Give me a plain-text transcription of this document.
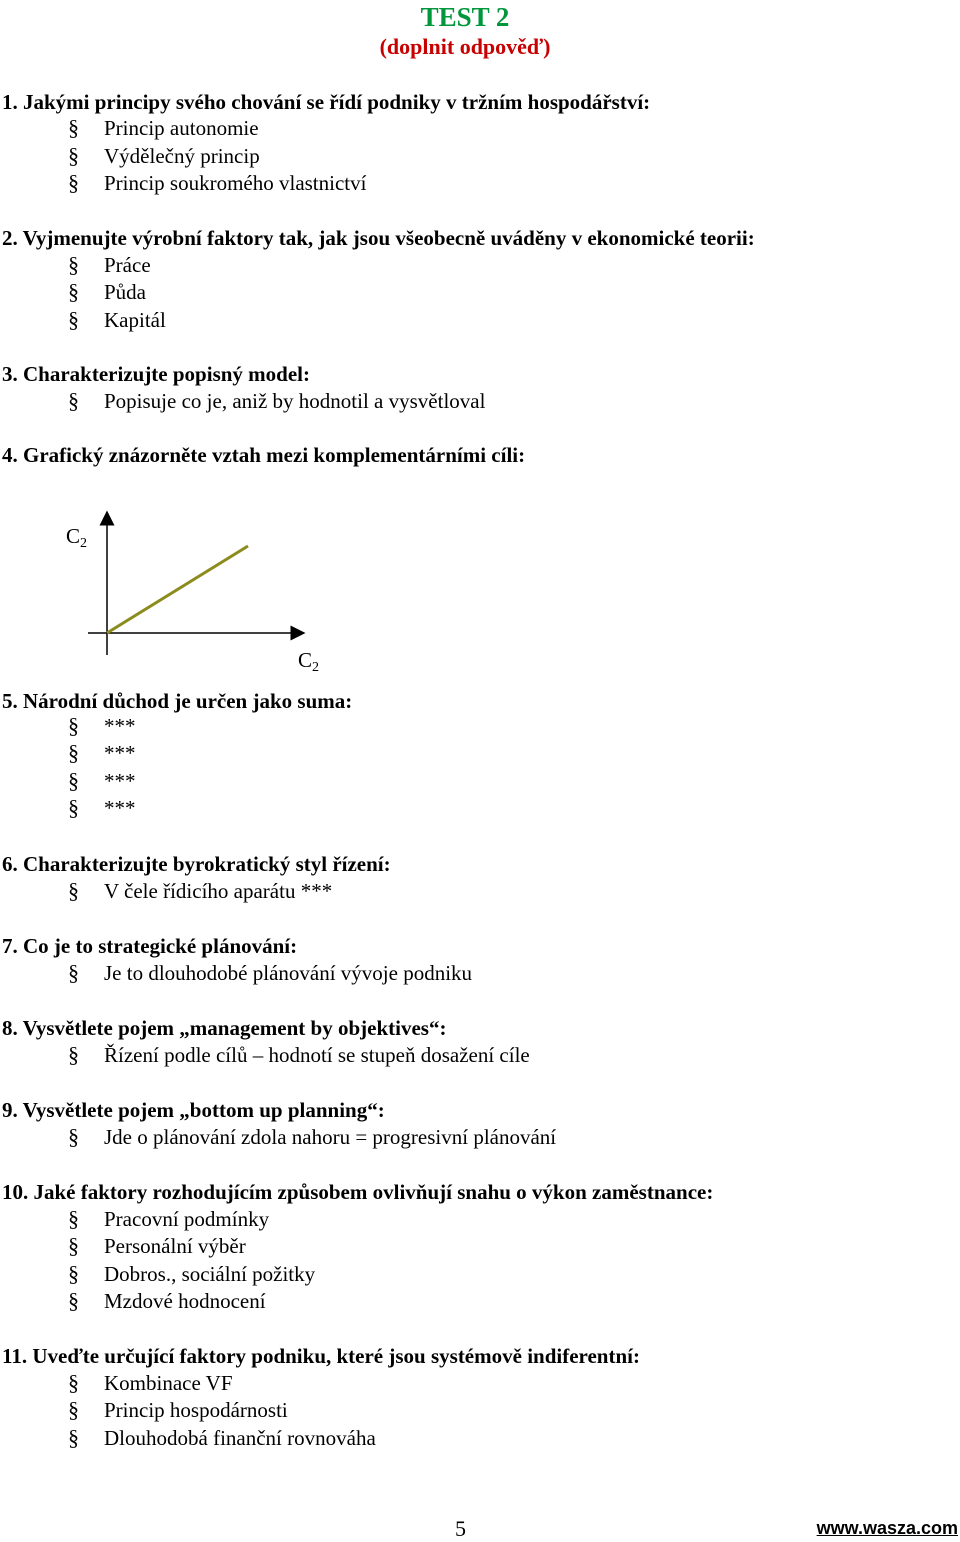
TEST 2
(doplnit odpověď)
1. Jakými principy svého chování se řídí podniky v tržním hospodářství:
§ Princip autonomie
§ Výdělečný princip
§ Princip soukromého vlastnictví
2. Vyjmenujte výrobní faktory tak, jak jsou všeobecně uváděny v ekonomické teorii:
§ Práce
§ Půda
§ Kapitál
3. Charakterizujte popisný model:
§ Popisuje co je, aniž by hodnotil a vysvětloval
4. Grafický znázorněte vztah mezi komplementárními cíli:
C2
C2
5. Národní důchod je určen jako suma:
§ ***
§ ***
§ ***
§ ***
6. Charakterizujte byrokratický styl řízení:
§ V čele řídicího aparátu ***
7. Co je to strategické plánování:
§ Je to dlouhodobé plánování vývoje podniku
8. Vysvětlete pojem „management by objektives“:
§ Řízení podle cílů – hodnotí se stupeň dosažení cíle
9. Vysvětlete pojem „bottom up planning“:
§ Jde o plánování zdola nahoru = progresivní plánování
10. Jaké faktory rozhodujícím způsobem ovlivňují snahu o výkon zaměstnance:
§ Pracovní podmínky
§ Personální výběr
§ Dobros., sociální požitky
§ Mzdové hodnocení
11. Uveďte určující faktory podniku, které jsou systémově indiferentní:
§ Kombinace VF
§ Princip hospodárnosti
§ Dlouhodobá finanční rovnováha
5	www.wasza.com
